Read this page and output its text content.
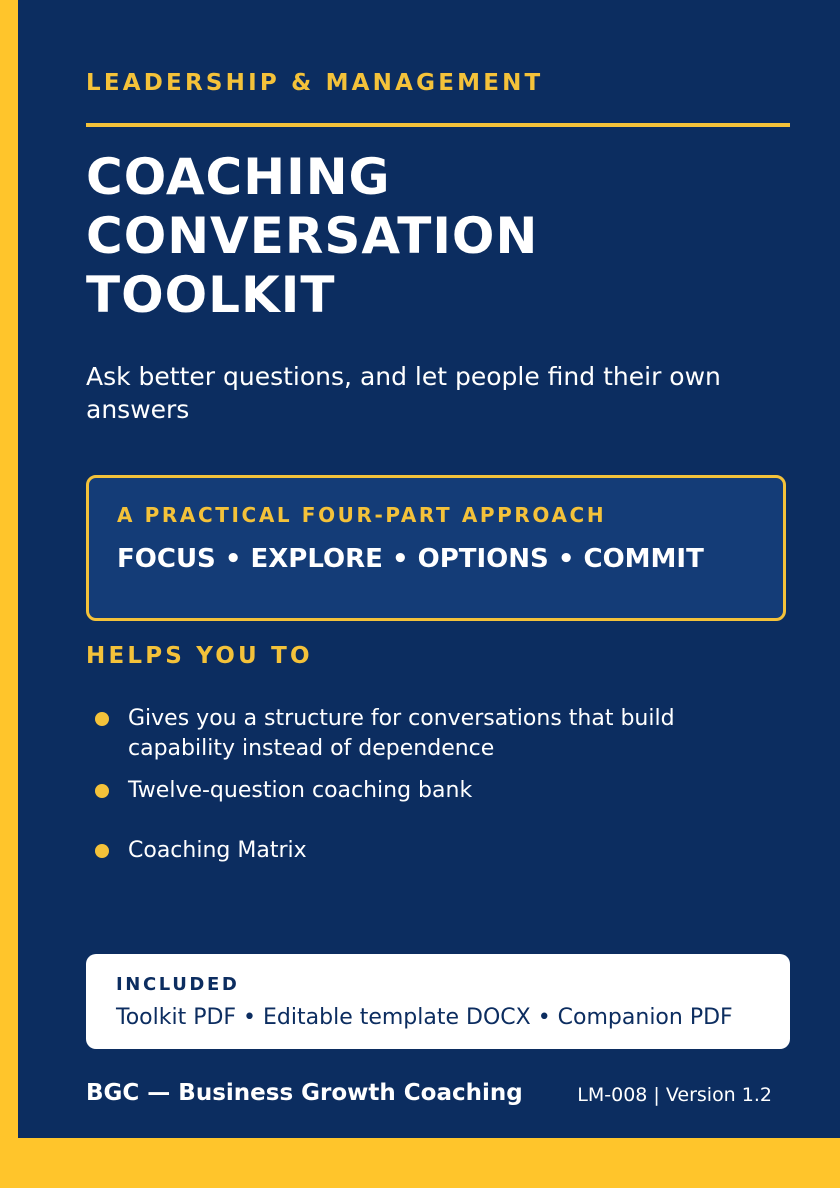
LEADERSHIP & MANAGEMENT
COACHING
CONVERSATION
TOOLKIT
Ask better questions, and let people find their own answers
A PRACTICAL FOUR-PART APPROACH
FOCUS • EXPLORE • OPTIONS • COMMIT
HELPS YOU TO
Gives you a structure for conversations that build capability instead of dependence
Twelve-question coaching bank
Coaching Matrix
INCLUDED
Toolkit PDF • Editable template DOCX • Companion PDF
BGC — Business Growth Coaching	LM-008 | Version 1.2
